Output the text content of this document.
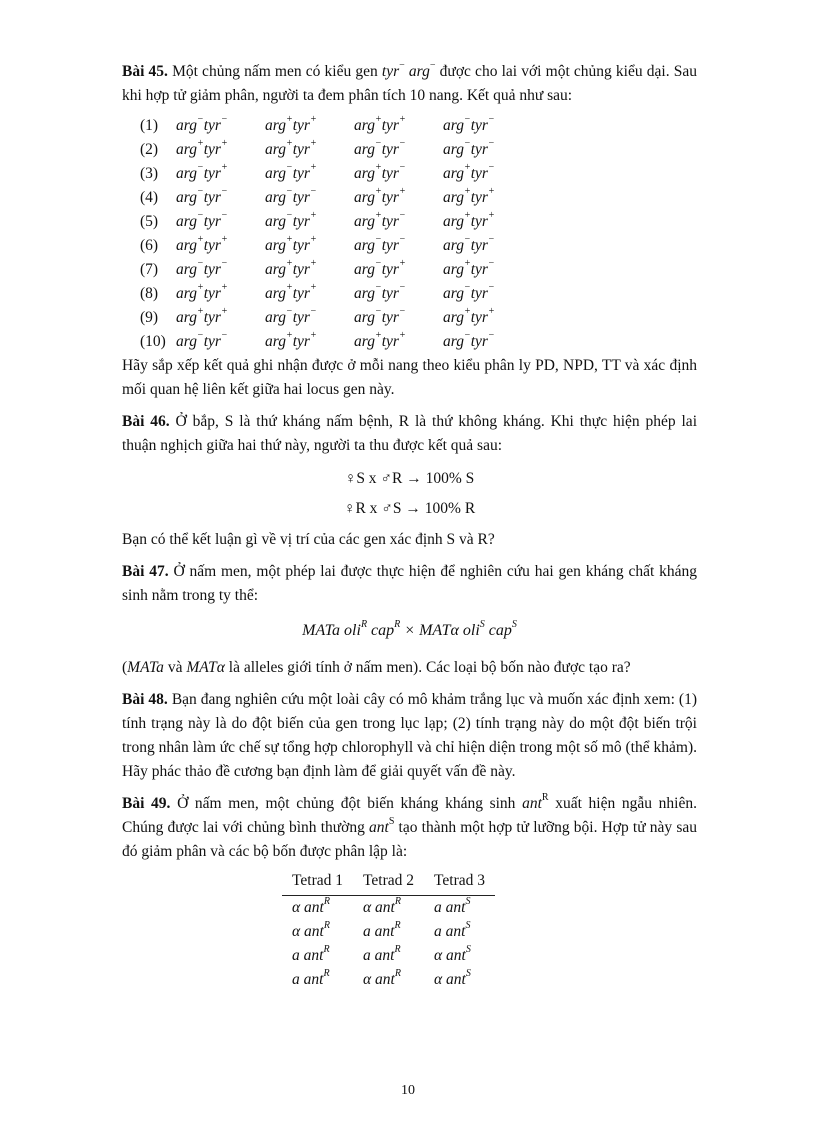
Bài 45. Một chủng nấm men có kiểu gen tyr− arg− được cho lai với một chủng kiểu dại. Sau khi hợp tử giảm phân, người ta đem phân tích 10 nang. Kết quả như sau:

(1)	arg−tyr−	arg+tyr+	arg+tyr+	arg−tyr−
(2)	arg+tyr+	arg+tyr+	arg−tyr−	arg−tyr−
(3)	arg−tyr+	arg−tyr+	arg+tyr−	arg+tyr−
(4)	arg−tyr−	arg−tyr−	arg+tyr+	arg+tyr+
(5)	arg−tyr−	arg−tyr+	arg+tyr−	arg+tyr+
(6)	arg+tyr+	arg+tyr+	arg−tyr−	arg−tyr−
(7)	arg−tyr−	arg+tyr+	arg−tyr+	arg+tyr−
(8)	arg+tyr+	arg+tyr+	arg−tyr−	arg−tyr−
(9)	arg+tyr+	arg−tyr−	arg−tyr−	arg+tyr+
(10) arg−tyr−	arg+tyr+	arg+tyr+	arg−tyr−

Hãy sắp xếp kết quả ghi nhận được ở mỗi nang theo kiểu phân ly PD, NPD, TT và xác định mối quan hệ liên kết giữa hai locus gen này.

Bài 46. Ở bắp, S là thứ kháng nấm bệnh, R là thứ không kháng. Khi thực hiện phép lai thuận nghịch giữa hai thứ này, người ta thu được kết quả sau:

♀S x ♂R → 100% S
♀R x ♂S → 100% R

Bạn có thể kết luận gì về vị trí của các gen xác định S và R?

Bài 47. Ở nấm men, một phép lai được thực hiện để nghiên cứu hai gen kháng chất kháng sinh nằm trong ty thể:

MATa oli$^R$ cap$^R$ × MATα oli$^S$ cap$^S$

(MATa và MATα là alleles giới tính ở nấm men). Các loại bộ bốn nào được tạo ra?

Bài 48. Bạn đang nghiên cứu một loài cây có mô khảm trắng lục và muốn xác định xem: (1) tính trạng này là do đột biến của gen trong lục lạp; (2) tính trạng này do một đột biến trội trong nhân làm ức chế sự tổng hợp chlorophyll và chỉ hiện diện trong một số mô (thể khảm). Hãy phác thảo đề cương bạn định làm để giải quyết vấn đề này.

Bài 49. Ở nấm men, một chủng đột biến kháng kháng sinh ant$^R$ xuất hiện ngẫu nhiên. Chúng được lai với chủng bình thường ant$^S$ tạo thành một hợp tử lưỡng bội. Hợp tử này sau đó giảm phân và các bộ bốn được phân lập là:

Tetrad 1	Tetrad 2	Tetrad 3
α ant$^R$	α ant$^R$	a ant$^S$
α ant$^R$	a ant$^R$	a ant$^S$
a ant$^R$	a ant$^R$	α ant$^S$
a ant$^R$	α ant$^R$	α ant$^S$
10
